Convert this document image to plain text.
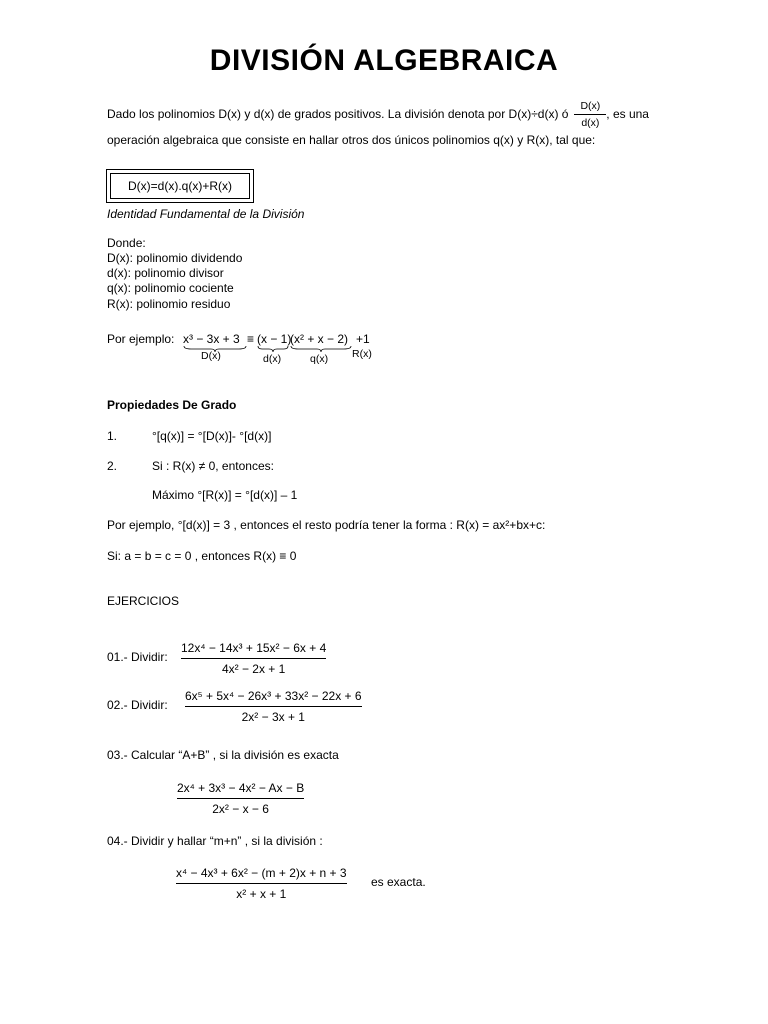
DIVISIÓN ALGEBRAICA
Dado los polinomios D(x) y d(x) de grados positivos. La división denota por D(x)÷d(x) ó $\frac{D(x)}{d(x)}$ , es una
operación algebraica que consiste en hallar otros dos únicos polinomios q(x) y R(x), tal que:
D(x)=d(x).q(x)+R(x)
Identidad Fundamental de la División
Donde:
D(x): polinomio dividendo
d(x): polinomio divisor
q(x): polinomio cociente
R(x): polinomio residuo
Por ejemplo: x³ − 3x + 3 ≡ (x − 1)
(x² + x − 2) +1
D(x)	d(x)	q(x) R(x)
Propiedades De Grado
1.	°[q(x)] = °[D(x)]- °[d(x)]
2.	Si : R(x) ≠ 0, entonces:
Máximo °[R(x)] = °[d(x)] – 1
Por ejemplo, °[d(x)] = 3 , entonces el resto podría tener la forma : R(x) = ax²+bx+c:
Si: a = b = c = 0 , entonces R(x) ≡ 0
EJERCICIOS
01.- Dividir:
12x⁴ − 14x³ + 15x² − 6x + 4
4x² − 2x + 1
02.- Dividir:
6x⁵ + 5x⁴ − 26x³ + 33x² − 22x + 6
2x² − 3x + 1
03.- Calcular “A+B” , si la división es exacta
2x⁴ + 3x³ − 4x² − Ax − B
2x² − x − 6
04.- Dividir y hallar “m+n” , si la división :
x⁴ − 4x³ + 6x² − (m + 2)x + n + 3
x² + x + 1
es exacta.
